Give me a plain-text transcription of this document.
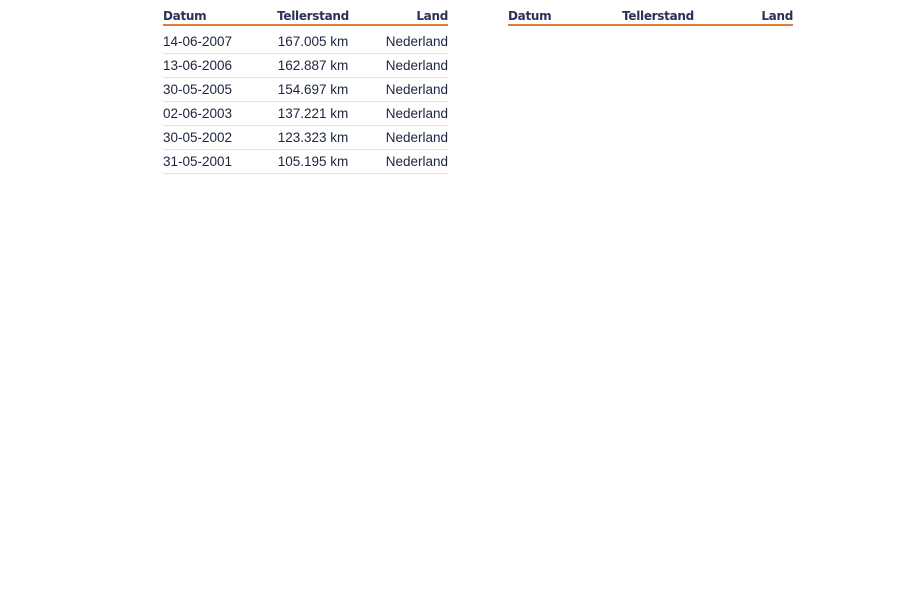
Datum	Tellerstand	Land
14-06-2007	167.005 km	Nederland
13-06-2006	162.887 km	Nederland
30-05-2005	154.697 km	Nederland
02-06-2003	137.221 km	Nederland
30-05-2002	123.323 km	Nederland
31-05-2001	105.195 km	Nederland
Datum	Tellerstand	Land
